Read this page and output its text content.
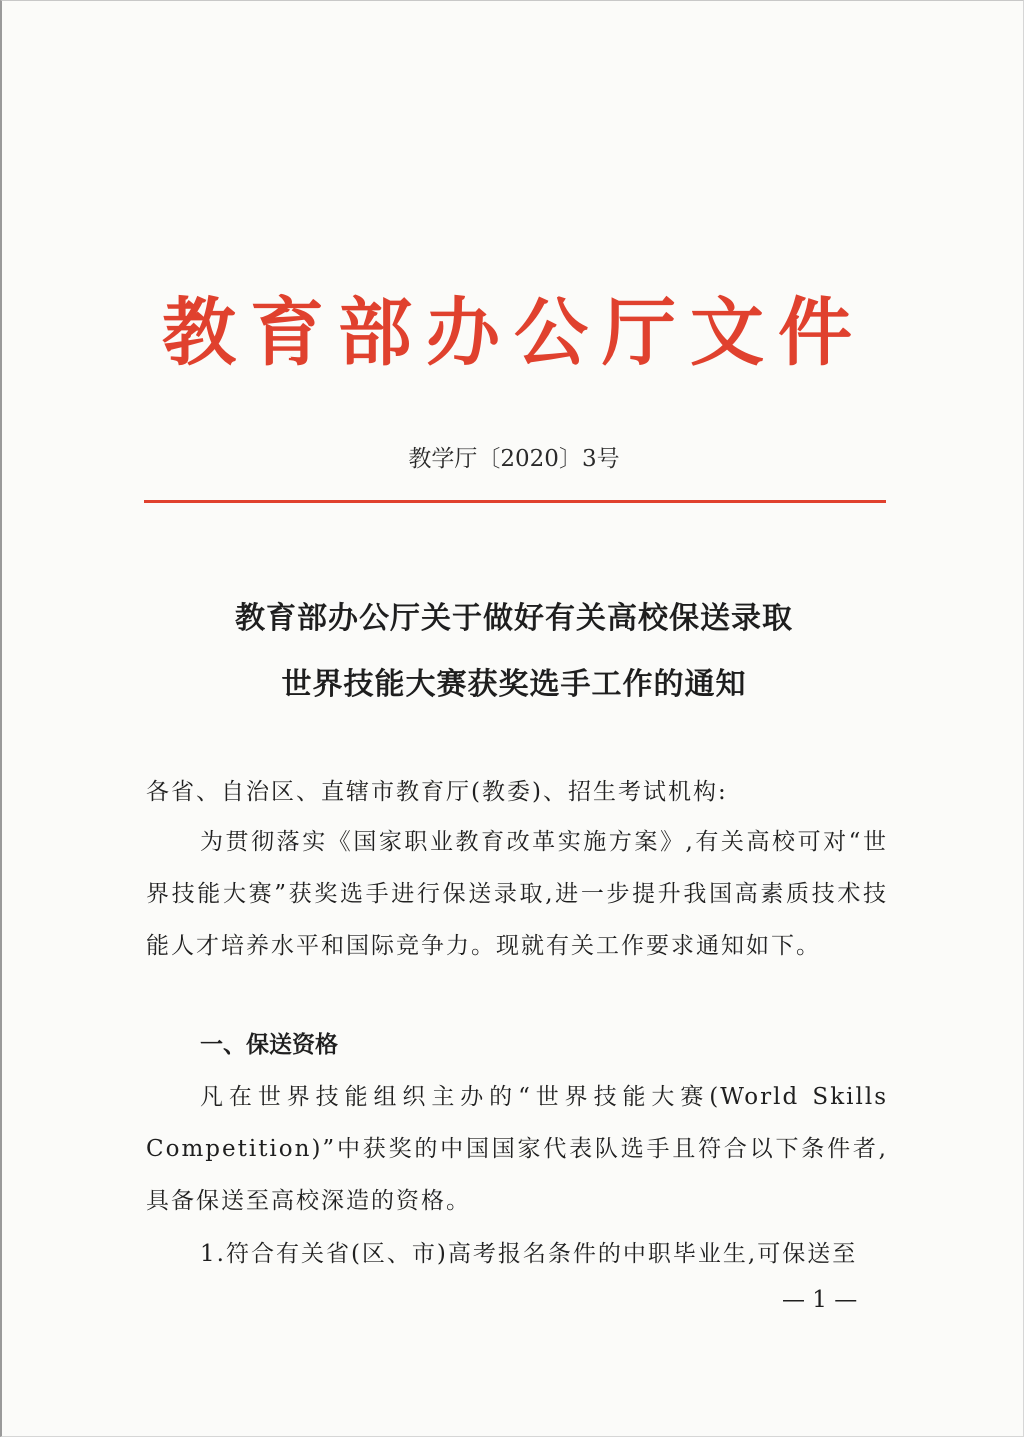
教育部办公厅文件
教学厅〔2020〕3号
教育部办公厅关于做好有关高校保送录取
世界技能大赛获奖选手工作的通知
各省、自治区、直辖市教育厅(教委)、招生考试机构:
为贯彻落实《国家职业教育改革实施方案》,有关高校可对“世界技能大赛”获奖选手进行保送录取,进一步提升我国高素质技术技能人才培养水平和国际竞争力。现就有关工作要求通知如下。
一、保送资格
凡在世界技能组织主办的“世界技能大赛(World Skills Competition)”中获奖的中国国家代表队选手且符合以下条件者,具备保送至高校深造的资格。
1.符合有关省(区、市)高考报名条件的中职毕业生,可保送至
— 1 —
